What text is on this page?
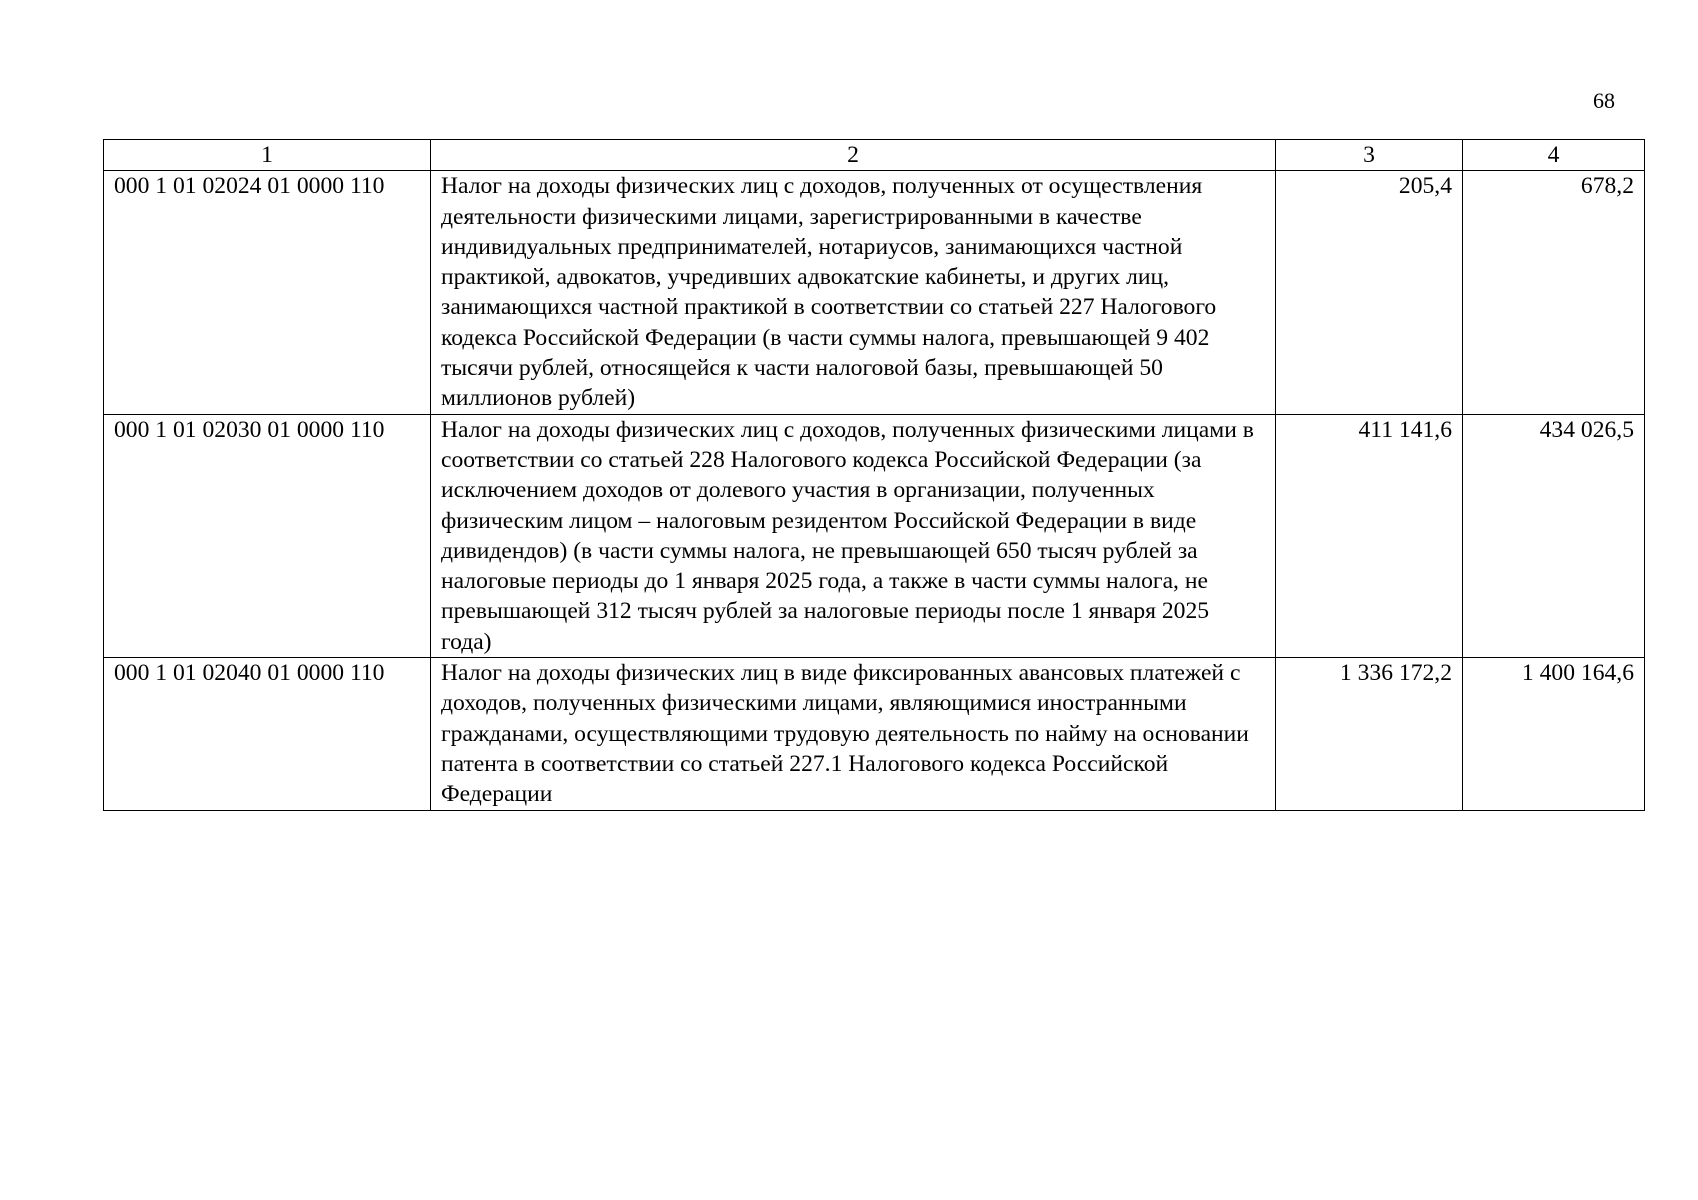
68
1	2	3	4
000 1 01 02024 01 0000 110	Налог на доходы физических лиц с доходов, полученных от осуществления деятельности физическими лицами, зарегистрированными в качестве индивидуальных предпринимателей, нотариусов, занимающихся частной практикой, адвокатов, учредивших адвокатские кабинеты, и других лиц, занимающихся частной практикой в соответствии со статьей 227 Налогового кодекса Российской Федерации (в части суммы налога, превышающей 9 402 тысячи рублей, относящейся к части налоговой базы, превышающей 50 миллионов рублей)	205,4	678,2
000 1 01 02030 01 0000 110	Налог на доходы физических лиц с доходов, полученных физическими лицами в соответствии со статьей 228 Налогового кодекса Российской Федерации (за исключением доходов от долевого участия в организации, полученных физическим лицом – налоговым резидентом Российской Федерации в виде дивидендов) (в части суммы налога, не превышающей 650 тысяч рублей за налоговые периоды до 1 января 2025 года, а также в части суммы налога, не превышающей 312 тысяч рублей за налоговые периоды после 1 января 2025 года)	411 141,6	434 026,5
000 1 01 02040 01 0000 110	Налог на доходы физических лиц в виде фиксированных авансовых платежей с доходов, полученных физическими лицами, являющимися иностранными гражданами, осуществляющими трудовую деятельность по найму на основании патента в соответствии со статьей 227.1 Налогового кодекса Российской Федерации	1 336 172,2	1 400 164,6
